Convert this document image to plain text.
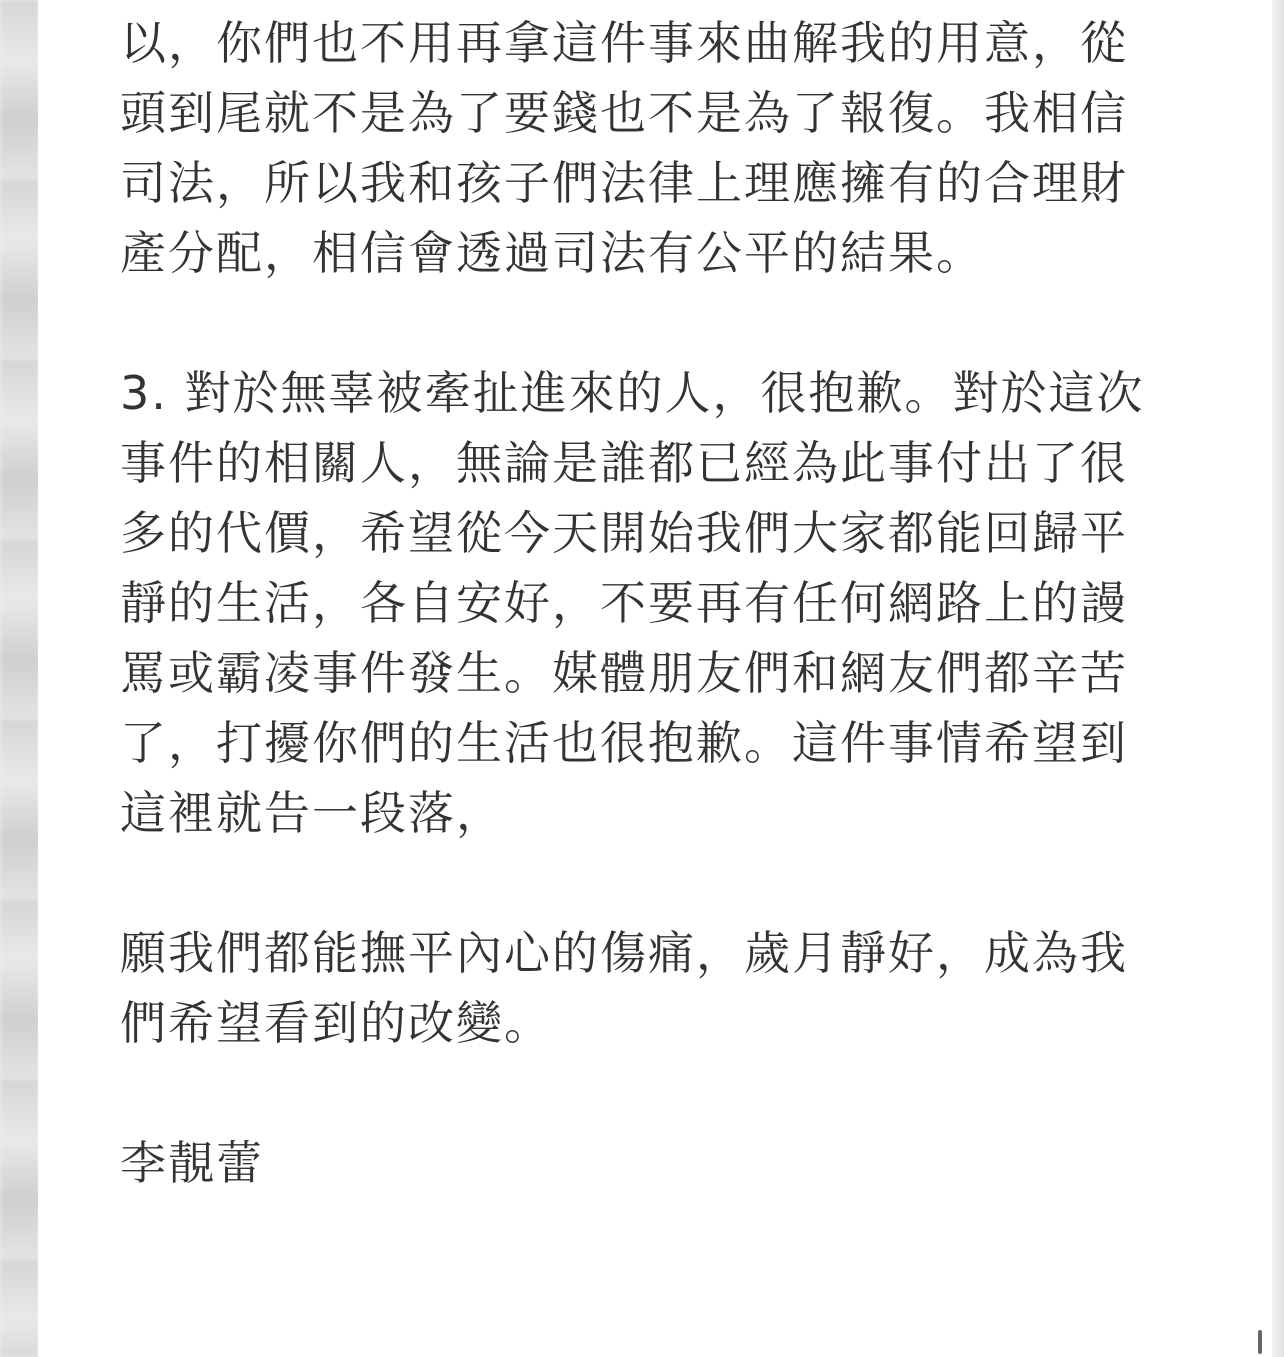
以，你們也不用再拿這件事來曲解我的用意，從
頭到尾就不是為了要錢也不是為了報復。我相信
司法，所以我和孩子們法律上理應擁有的合理財
產分配，相信會透過司法有公平的結果。

3. 對於無辜被牽扯進來的人，很抱歉。對於這次
事件的相關人，無論是誰都已經為此事付出了很
多的代價，希望從今天開始我們大家都能回歸平
靜的生活，各自安好，不要再有任何網路上的謾
罵或霸凌事件發生。媒體朋友們和網友們都辛苦
了，打擾你們的生活也很抱歉。這件事情希望到
這裡就告一段落，

願我們都能撫平內心的傷痛，歲月靜好，成為我
們希望看到的改變。

李靚蕾
